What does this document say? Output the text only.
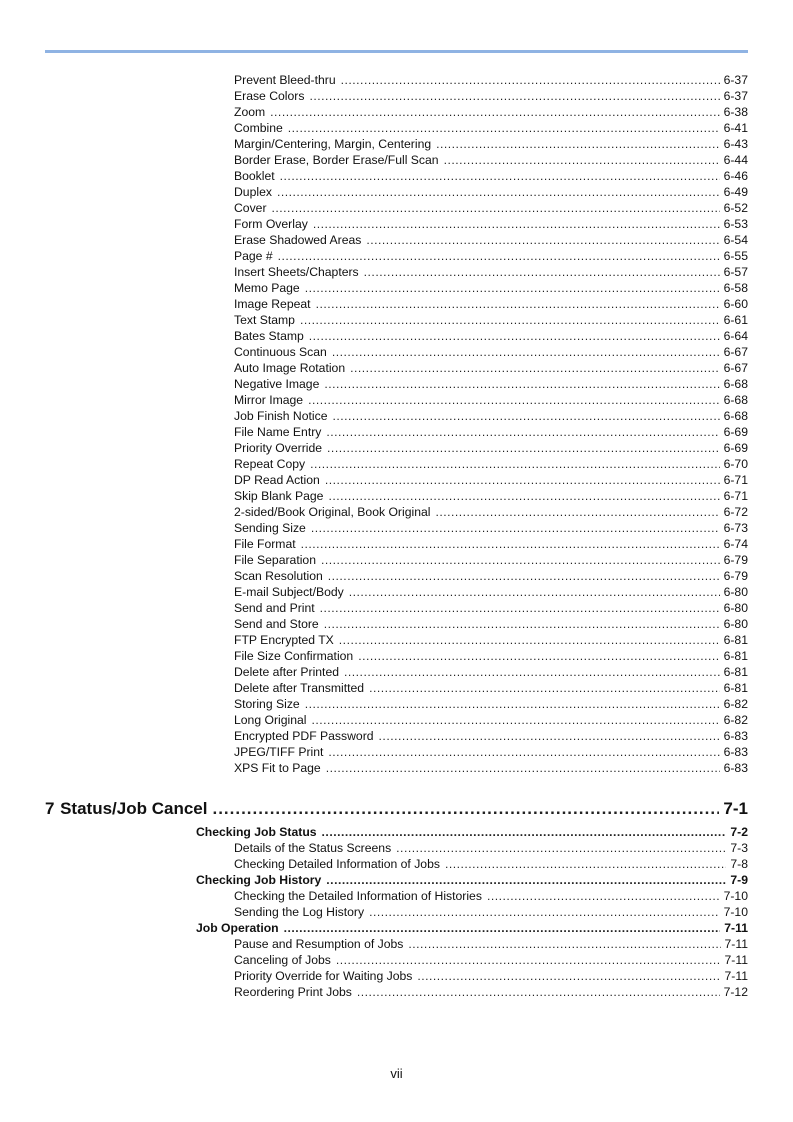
Prevent Bleed-thru .....	6-37
Erase Colors .....	6-37
Zoom .....	6-38
Combine .....	6-41
Margin/Centering, Margin, Centering .....	6-43
Border Erase, Border Erase/Full Scan .....	6-44
Booklet .....	6-46
Duplex .....	6-49
Cover .....	6-52
Form Overlay .....	6-53
Erase Shadowed Areas .....	6-54
Page # .....	6-55
Insert Sheets/Chapters .....	6-57
Memo Page .....	6-58
Image Repeat .....	6-60
Text Stamp .....	6-61
Bates Stamp .....	6-64
Continuous Scan .....	6-67
Auto Image Rotation .....	6-67
Negative Image .....	6-68
Mirror Image .....	6-68
Job Finish Notice .....	6-68
File Name Entry .....	6-69
Priority Override .....	6-69
Repeat Copy .....	6-70
DP Read Action .....	6-71
Skip Blank Page .....	6-71
2-sided/Book Original, Book Original .....	6-72
Sending Size .....	6-73
File Format .....	6-74
File Separation .....	6-79
Scan Resolution .....	6-79
E-mail Subject/Body .....	6-80
Send and Print .....	6-80
Send and Store .....	6-80
FTP Encrypted TX .....	6-81
File Size Confirmation .....	6-81
Delete after Printed .....	6-81
Delete after Transmitted .....	6-81
Storing Size .....	6-82
Long Original .....	6-82
Encrypted PDF Password .....	6-83
JPEG/TIFF Print .....	6-83
XPS Fit to Page .....	6-83
7 Status/Job Cancel .....	7-1
Checking Job Status .....	7-2
Details of the Status Screens .....	7-3
Checking Detailed Information of Jobs .....	7-8
Checking Job History .....	7-9
Checking the Detailed Information of Histories .....	7-10
Sending the Log History .....	7-10
Job Operation .....	7-11
Pause and Resumption of Jobs .....	7-11
Canceling of Jobs .....	7-11
Priority Override for Waiting Jobs .....	7-11
Reordering Print Jobs .....	7-12
vii
